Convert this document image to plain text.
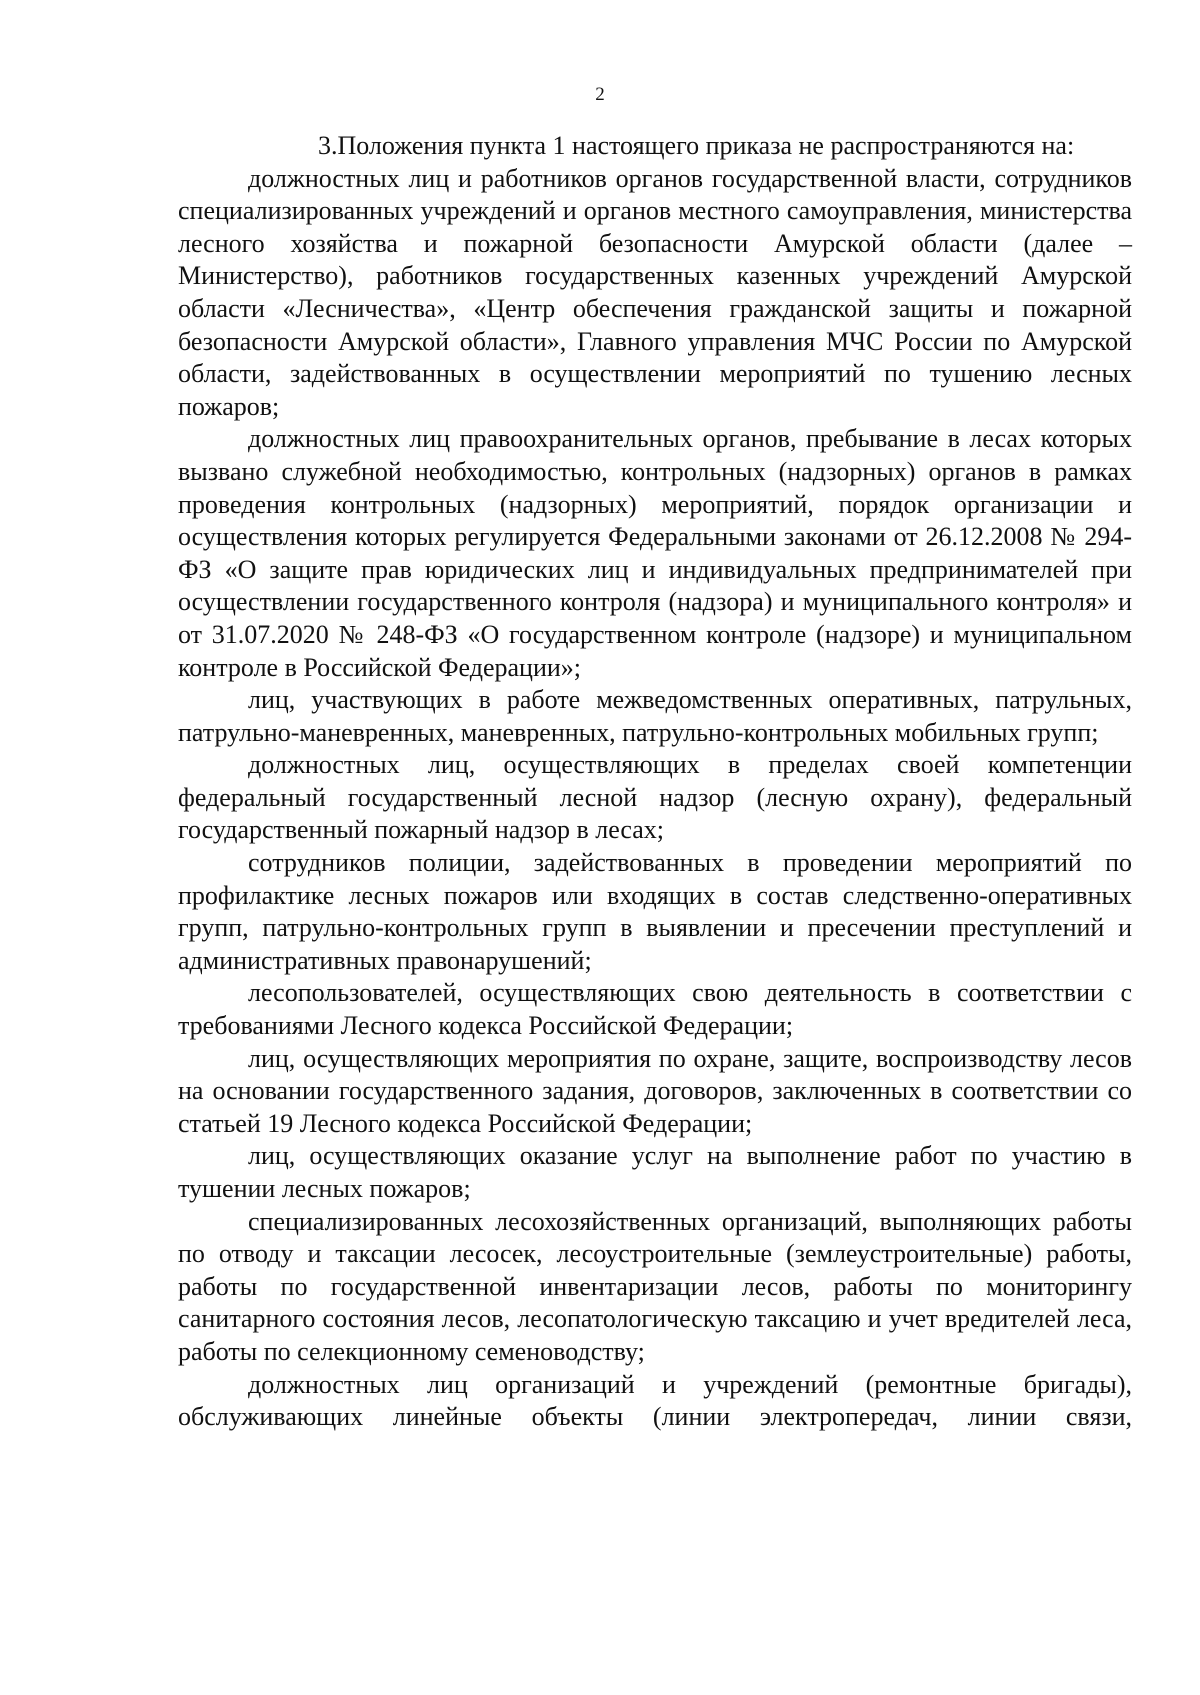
2

3.Положения пункта 1 настоящего приказа не распространяются на:

должностных лиц и работников органов государственной власти, сотрудников специализированных учреждений и органов местного самоуправления, министерства лесного хозяйства и пожарной безопасности Амурской области (далее – Министерство), работников государственных казенных учреждений Амурской области «Лесничества», «Центр обеспечения гражданской защиты и пожарной безопасности Амурской области», Главного управления МЧС России по Амурской области, задействованных в осуществлении мероприятий по тушению лесных пожаров;

должностных лиц правоохранительных органов, пребывание в лесах которых вызвано служебной необходимостью, контрольных (надзорных) органов в рамках проведения контрольных (надзорных) мероприятий, порядок организации и осуществления которых регулируется Федеральными законами от 26.12.2008 № 294-ФЗ «О защите прав юридических лиц и индивидуальных предпринимателей при осуществлении государственного контроля (надзора) и муниципального контроля» и от 31.07.2020 № 248-ФЗ «О государственном контроле (надзоре) и муниципальном контроле в Российской Федерации»;

лиц, участвующих в работе межведомственных оперативных, патрульных, патрульно-маневренных, маневренных, патрульно-контрольных мобильных групп;

должностных лиц, осуществляющих в пределах своей компетенции федеральный государственный лесной надзор (лесную охрану), федеральный государственный пожарный надзор в лесах;

сотрудников полиции, задействованных в проведении мероприятий по профилактике лесных пожаров или входящих в состав следственно-оперативных групп, патрульно-контрольных групп в выявлении и пресечении преступлений и административных правонарушений;

лесопользователей, осуществляющих свою деятельность в соответствии с требованиями Лесного кодекса Российской Федерации;

лиц, осуществляющих мероприятия по охране, защите, воспроизводству лесов на основании государственного задания, договоров, заключенных в соответствии со статьей 19 Лесного кодекса Российской Федерации;

лиц, осуществляющих оказание услуг на выполнение работ по участию в тушении лесных пожаров;

специализированных лесохозяйственных организаций, выполняющих работы по отводу и таксации лесосек, лесоустроительные (землеустроительные) работы, работы по государственной инвентаризации лесов, работы по мониторингу санитарного состояния лесов, лесопатологическую таксацию и учет вредителей леса, работы по селекционному семеноводству;

должностных лиц организаций и учреждений (ремонтные бригады), обслуживающих линейные объекты (линии электропередач, линии связи,
